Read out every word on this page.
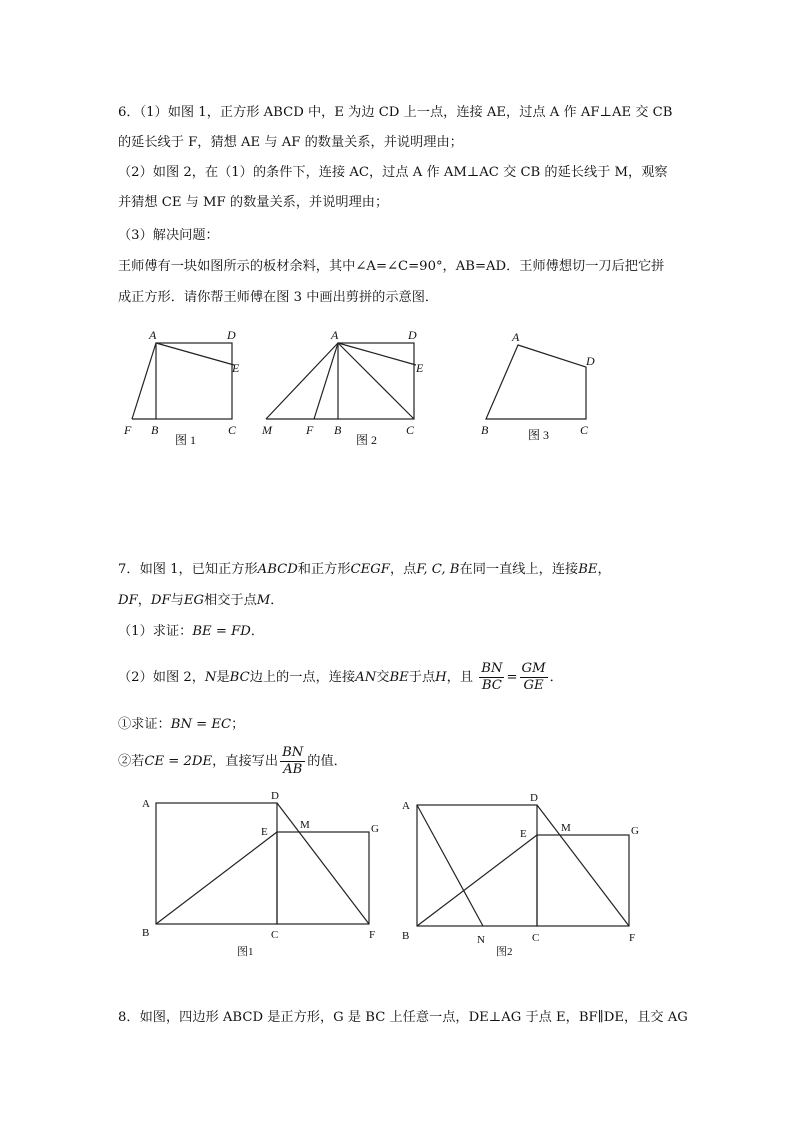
6．（1）如图 1，正方形 ABCD 中，E 为边 CD 上一点，连接 AE，过点 A 作 AF⊥AE 交 CB
的延长线于 F，猜想 AE 与 AF 的数量关系，并说明理由；
（2）如图 2，在（1）的条件下，连接 AC，过点 A 作 AM⊥AC 交 CB 的延长线于 M，观察
并猜想 CE 与 MF 的数量关系，并说明理由；
（3）解决问题：
王师傅有一块如图所示的板材余料，其中∠A=∠C=90°，AB=AD．王师傅想切一刀后把它拼
成正方形．请你帮王师傅在图 3 中画出剪拼的示意图．
A	D
E
F B	C
图 1
A	D
E
M	F B	C
图 2
A
D
B	C
图 3
7．如图 1，已知正方形ABCD和正方形CEGF，点F, C, B在同一直线上，连接BE，
DF，DF与EG相交于点M．
（1）求证：BE = FD．
（2）如图 2，N是BC边上的一点，连接AN交BE于点H，且 $\frac{BN}{BC} = \frac{GM}{GE}$ ．
①求证：BN = EC；
②若CE = 2DE，直接写出 $\frac{BN}{AB}$ 的值．
A
D
E
M	G
B	C	F
图1
A
D
E	M	G
B	N	C	F
图2
8．如图，四边形 ABCD 是正方形，G 是 BC 上任意一点，DE⊥AG 于点 E，BF∥DE，且交 AG
